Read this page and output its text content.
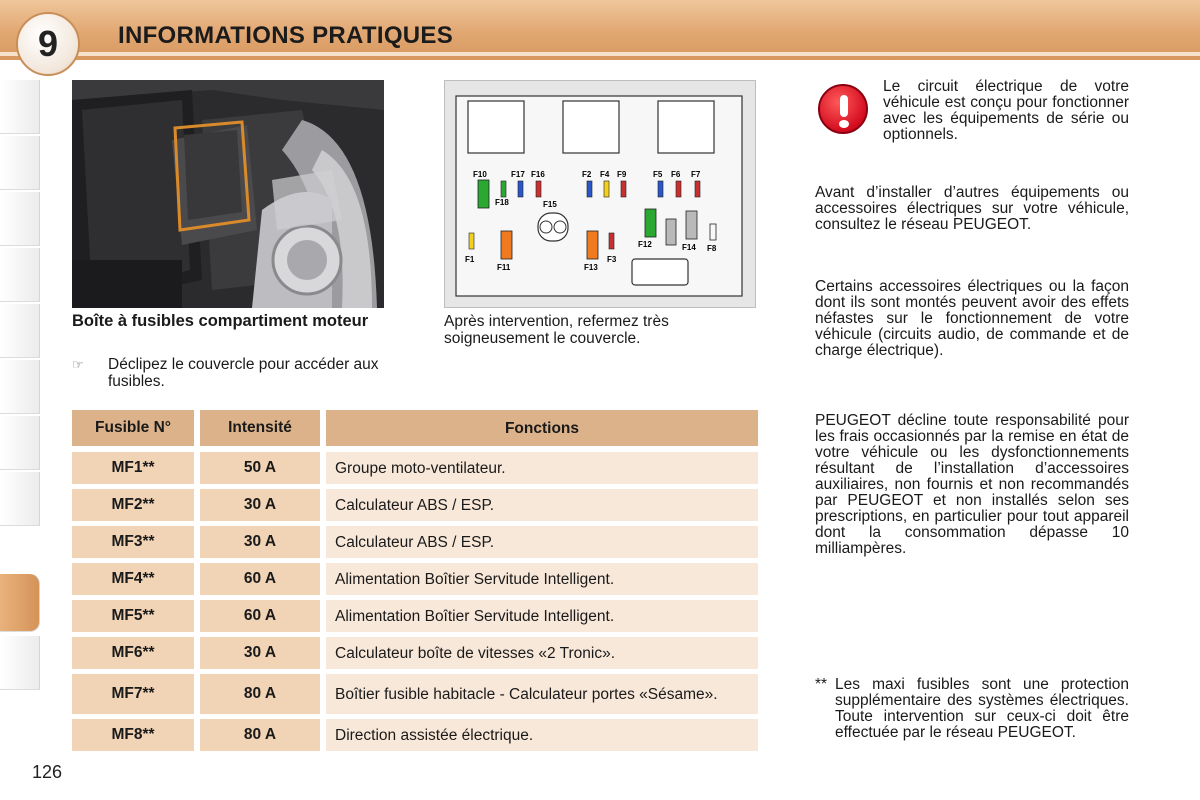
INFORMATIONS PRATIQUES
9
F10	F17 F16
F18	F15
F2 F4 F9	F5 F6 F7
F1
F11	F13
F3
F12	F14 F8
Boîte à fusibles compartiment moteur
☞	Déclipez le couvercle pour accéder aux fusibles.
Après intervention, refermez très soigneusement le couvercle.
Fusible N°	Intensité	Fonctions
MF1**	50 A	Groupe moto-ventilateur.
MF2**	30 A	Calculateur ABS / ESP.
MF3**	30 A	Calculateur ABS / ESP.
MF4**	60 A	Alimentation Boîtier Servitude Intelligent.
MF5**	60 A	Alimentation Boîtier Servitude Intelligent.
MF6**	30 A	Calculateur boîte de vitesses «2 Tronic».
MF7**	80 A	Boîtier fusible habitacle - Calculateur portes «Sésame».
MF8**	80 A	Direction assistée électrique.
Le circuit électrique de votre véhicule est conçu pour fonctionner avec les équipements de série ou optionnels.
Avant d’installer d’autres équipements ou accessoires électriques sur votre véhicule, consultez le réseau PEUGEOT.
Certains accessoires électriques ou la façon dont ils sont montés peuvent avoir des effets néfastes sur le fonctionnement de votre véhicule (circuits audio, de commande et de charge électrique).
PEUGEOT décline toute responsabilité pour les frais occasionnés par la remise en état de votre véhicule ou les dysfonctionnements résultant de l’installation d’accessoires auxiliaires, non fournis et non recommandés par PEUGEOT et non installés selon ses prescriptions, en particulier pour tout appareil dont la consommation dépasse 10 milliampères.
** Les maxi fusibles sont une protection supplémentaire des systèmes électriques. Toute intervention sur ceux-ci doit être effectuée par le réseau PEUGEOT.
126
